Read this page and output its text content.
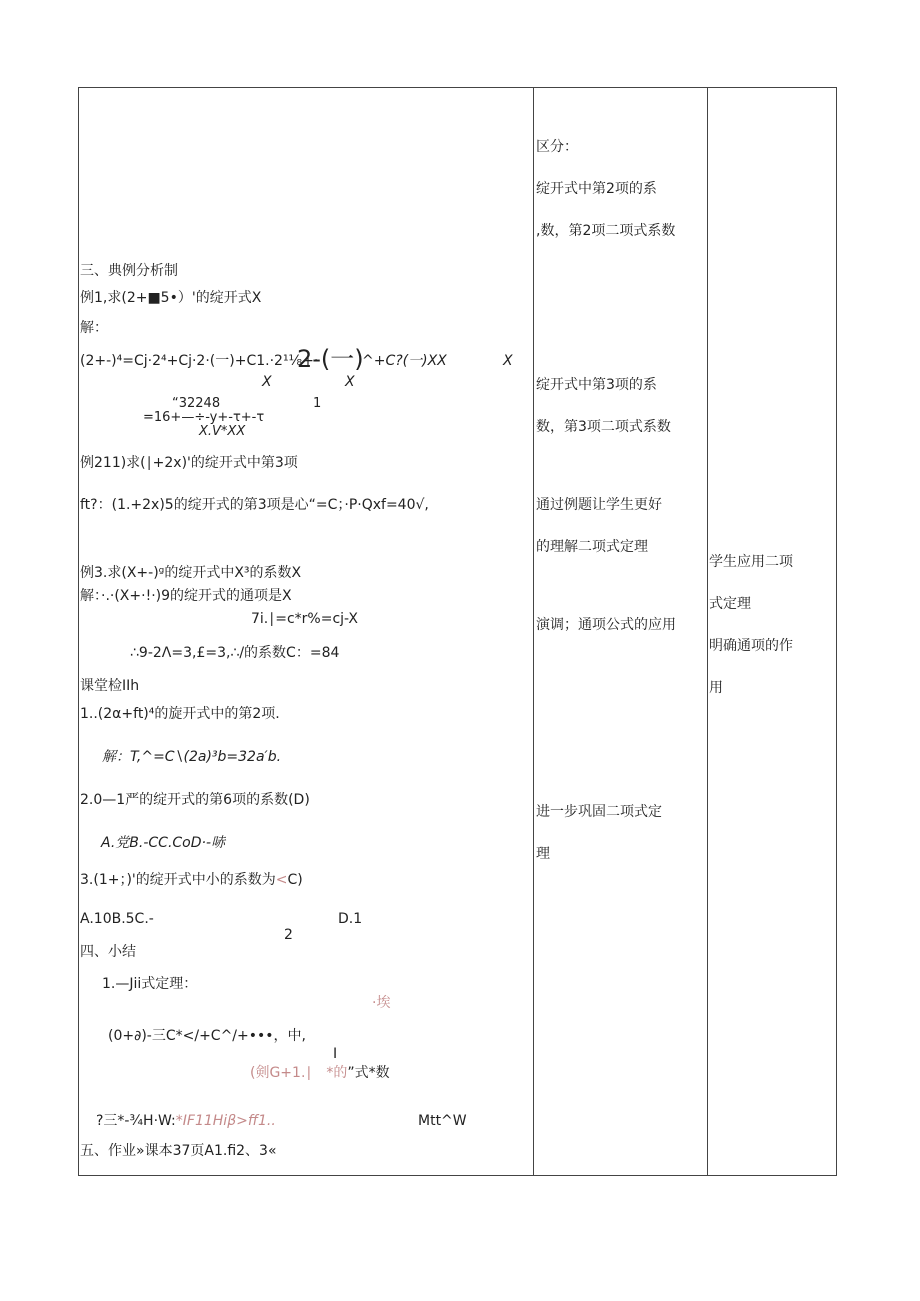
三、典例分析制
例1,求(2+■5•）'的绽开式X
解：
(2+-)⁴=Cj·2⁴+Cj·2·(一)+C1.·2¹⅛+·
2-(一)
^+C?(一)XX	X
X	X
“32248	1
=16+—÷-y+-τ+-τ
X.V*XX
例211)求(∣+2x)'的绽开式中第3项
ft?：(1.+2x)5的绽开式的第3项是心“=C；·P·Qxf=40√,
例3.求(X+-)ᵍ的绽开式中X³的系数X
解：·.·(X+·!·)9的绽开式的通项是X
7i.∣=c*r%=cj-X
∴9-2Λ=3,£=3,∴/的系数C：=84
课堂检IIh
1..(2α+ft)⁴的旋开式中的第2项.
解：T,^=C∖(2a)³b=32a′b.
2.0—1严的绽开式的第6项的系数(D)
A.党B.-CC.CoD·-哧
3.(1+；)'的绽开式中小的系数为<C)
A.10B.5C.-	D.1
2
四、小结
1.—Jii式定理：
·埃
(0+∂)-三C*</+C^/+•••，中,
I
(剣G+1.∣ *的”式*数
?三*-¾H·W:*IF11Hiβ>ff1..	Mtt^W
五、作业»课本37页A1.fi2、3«
区分：
绽开式中第2项的系
,数，第2项二项式系数
绽开式中第3项的系
数，第3项二项式系数
通过例题让学生更好
的理解二项式定理
演调；通项公式的应用
进一步巩固二项式定
理
学生应用二项
式定理
明确通项的作
用
